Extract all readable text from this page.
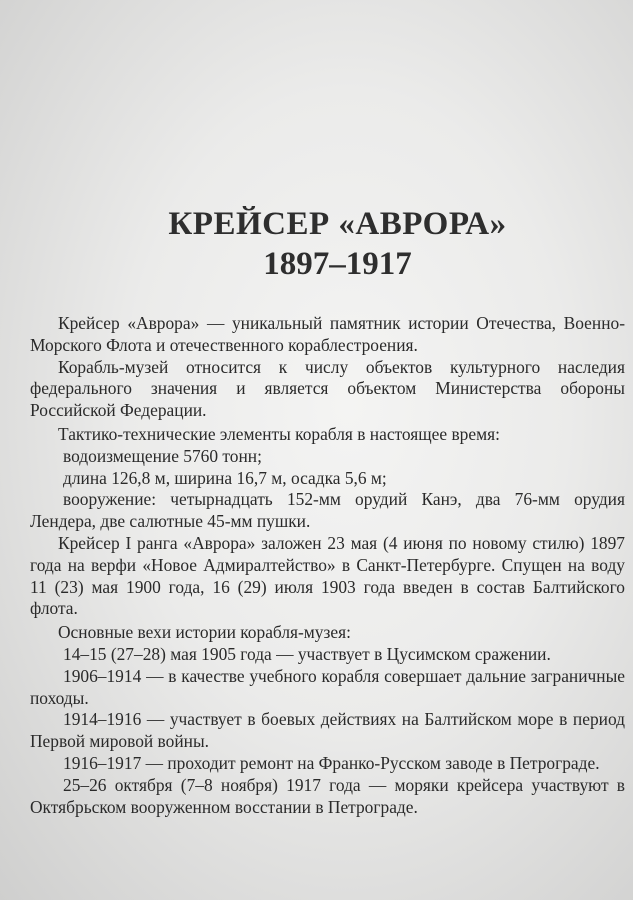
КРЕЙСЕР «АВРОРА»
1897–1917

Крейсер «Аврора» — уникальный памятник истории Отечества, Военно-Морского Флота и отечественного кораблестроения.

Корабль-музей относится к числу объектов культурного наследия федерального значения и является объектом Министерства обороны Российской Федерации.

Тактико-технические элементы корабля в настоящее время:

водоизмещение 5760 тонн;

длина 126,8 м, ширина 16,7 м, осадка 5,6 м;

вооружение: четырнадцать 152-мм орудий Канэ, два 76-мм орудия Лендера, две салютные 45-мм пушки.

Крейсер I ранга «Аврора» заложен 23 мая (4 июня по новому стилю) 1897 года на верфи «Новое Адмиралтейство» в Санкт-Петербурге. Спущен на воду 11 (23) мая 1900 года, 16 (29) июля 1903 года введен в состав Балтийского флота.

Основные вехи истории корабля-музея:

14–15 (27–28) мая 1905 года — участвует в Цусимском сражении.

1906–1914 — в качестве учебного корабля совершает дальние заграничные походы.

1914–1916 — участвует в боевых действиях на Балтийском море в период Первой мировой войны.

1916–1917 — проходит ремонт на Франко-Русском заводе в Петрограде.

25–26 октября (7–8 ноября) 1917 года — моряки крейсера участвуют в Октябрьском вооруженном восстании в Петрограде.
